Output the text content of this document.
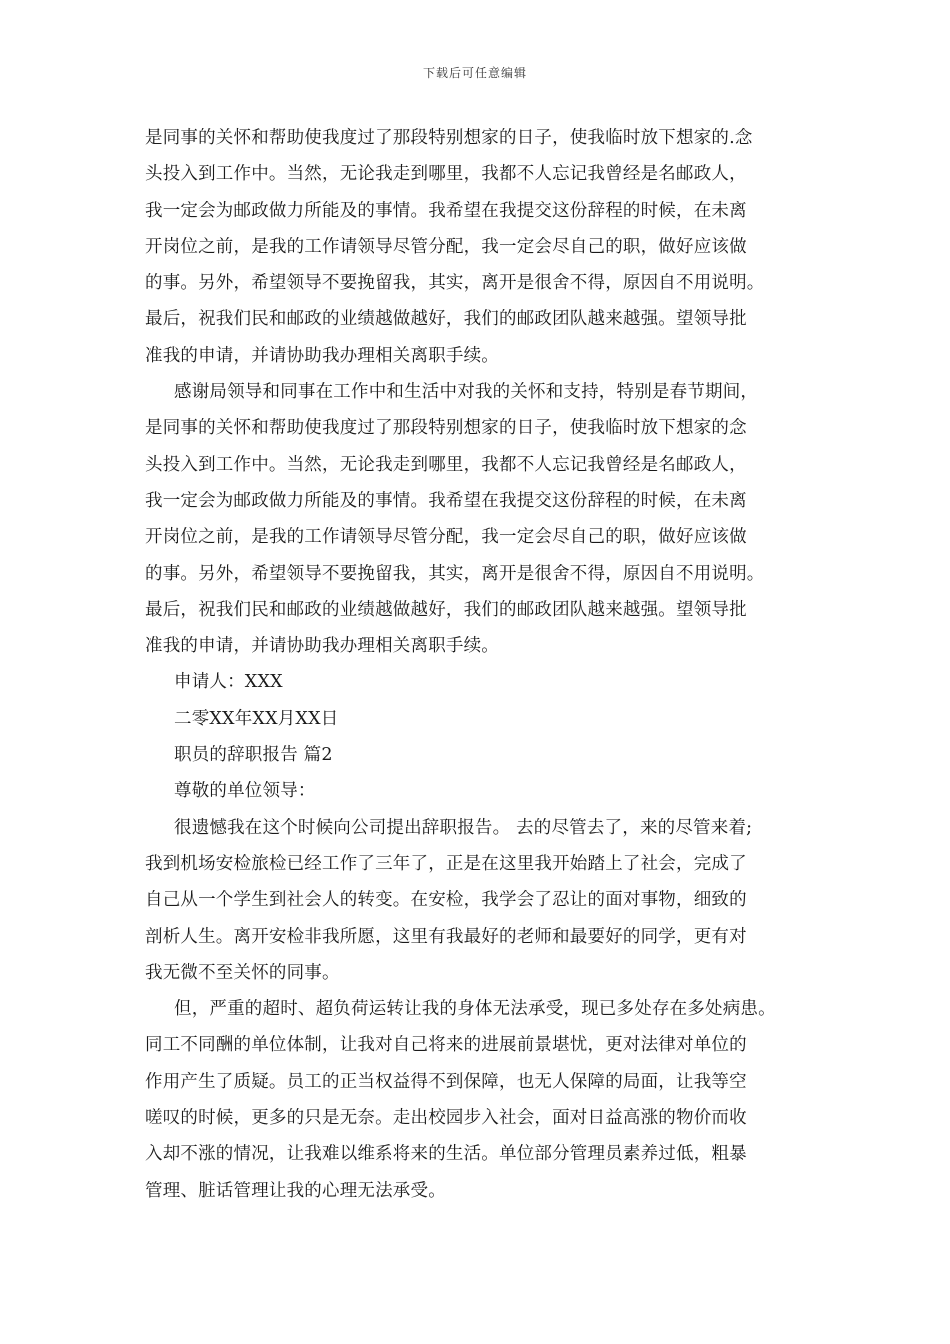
下载后可任意编辑
是同事的关怀和帮助使我度过了那段特别想家的日子，使我临时放下想家的.念
头投入到工作中。当然，无论我走到哪里，我都不人忘记我曾经是名邮政人，
我一定会为邮政做力所能及的事情。我希望在我提交这份辞程的时候，在未离
开岗位之前，是我的工作请领导尽管分配，我一定会尽自己的职，做好应该做
的事。另外，希望领导不要挽留我，其实，离开是很舍不得，原因自不用说明。
最后，祝我们民和邮政的业绩越做越好，我们的邮政团队越来越强。望领导批
准我的申请，并请协助我办理相关离职手续。
感谢局领导和同事在工作中和生活中对我的关怀和支持，特别是春节期间，
是同事的关怀和帮助使我度过了那段特别想家的日子，使我临时放下想家的念
头投入到工作中。当然，无论我走到哪里，我都不人忘记我曾经是名邮政人，
我一定会为邮政做力所能及的事情。我希望在我提交这份辞程的时候，在未离
开岗位之前，是我的工作请领导尽管分配，我一定会尽自己的职，做好应该做
的事。另外，希望领导不要挽留我，其实，离开是很舍不得，原因自不用说明。
最后，祝我们民和邮政的业绩越做越好，我们的邮政团队越来越强。望领导批
准我的申请，并请协助我办理相关离职手续。
申请人：XXX
二零XX年XX月XX日
职员的辞职报告 篇2
尊敬的单位领导：
很遗憾我在这个时候向公司提出辞职报告。 去的尽管去了，来的尽管来着;
我到机场安检旅检已经工作了三年了，正是在这里我开始踏上了社会，完成了
自己从一个学生到社会人的转变。在安检，我学会了忍让的面对事物，细致的
剖析人生。离开安检非我所愿，这里有我最好的老师和最要好的同学，更有对
我无微不至关怀的同事。
但，严重的超时、超负荷运转让我的身体无法承受，现已多处存在多处病患。
同工不同酬的单位体制，让我对自己将来的进展前景堪忧，更对法律对单位的
作用产生了质疑。员工的正当权益得不到保障，也无人保障的局面，让我等空
嗟叹的时候，更多的只是无奈。走出校园步入社会，面对日益高涨的物价而收
入却不涨的情况，让我难以维系将来的生活。单位部分管理员素养过低，粗暴
管理、脏话管理让我的心理无法承受。
